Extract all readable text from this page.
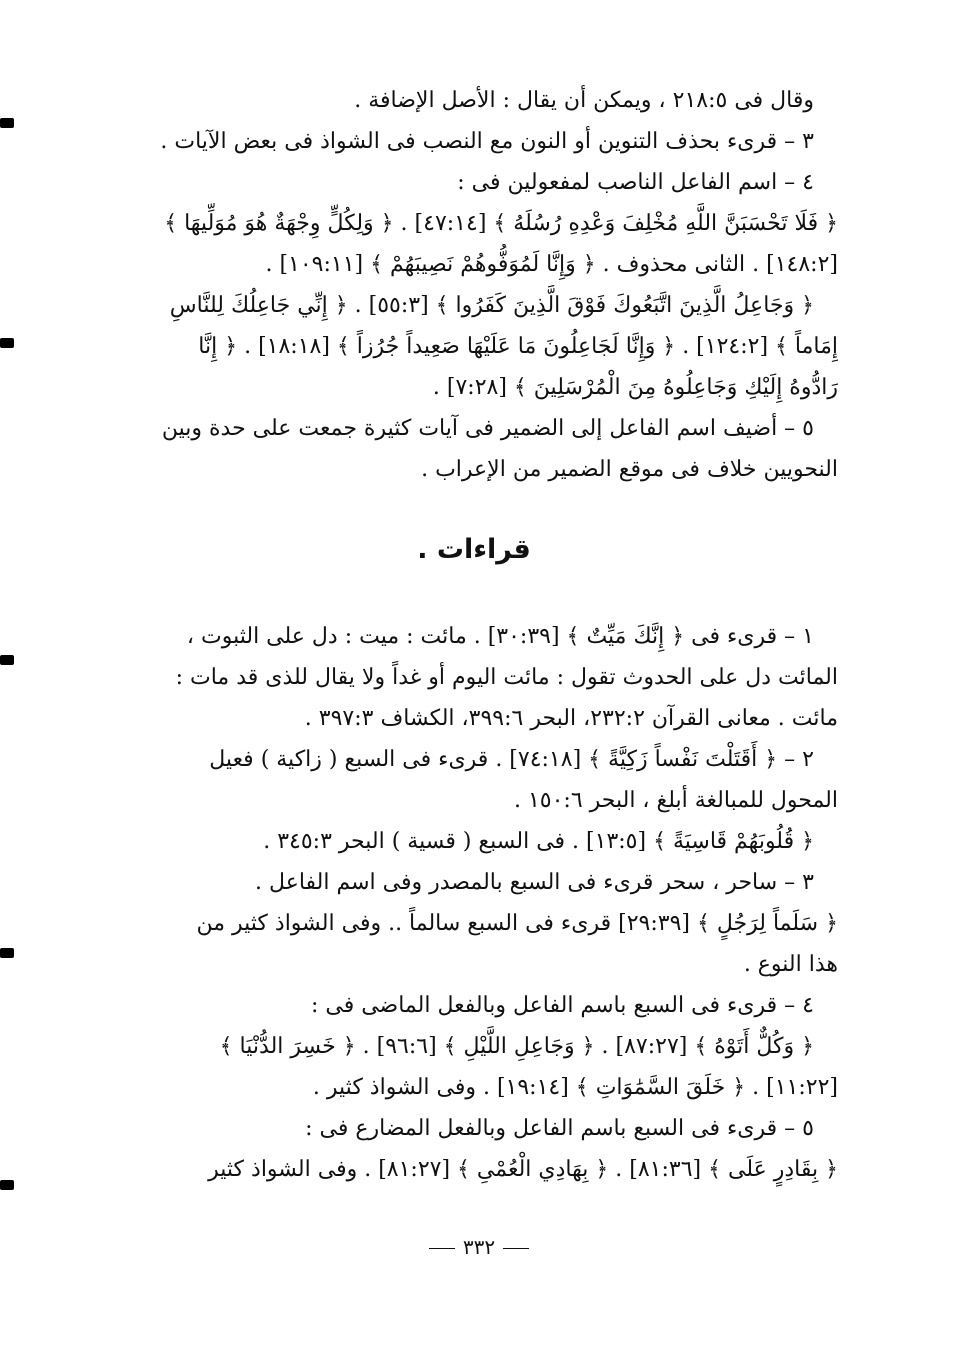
وقال فى ٢١٨:٥ ، ويمكن أن يقال : الأصل الإضافة .
٣ – قرىء بحذف التنوين أو النون مع النصب فى الشواذ فى بعض الآيات .
٤ – اسم الفاعل الناصب لمفعولين فى :
﴿ فَلَا تَحْسَبَنَّ اللَّهِ مُخْلِفَ وَعْدِهِ رُسُلَهُ ﴾ [٤٧:١٤] . ﴿ وَلِكُلٍّ وِجْهَةٌ هُوَ مُوَلِّيهَا ﴾
[١٤٨:٢] . الثانى محذوف . ﴿ وَإِنَّا لَمُوَفُّوهُمْ نَصِيبَهُمْ ﴾ [١٠٩:١١] .
﴿ وَجَاعِلُ الَّذِينَ اتَّبَعُوكَ فَوْقَ الَّذِينَ كَفَرُوا ﴾ [٥٥:٣] . ﴿ إِنِّي جَاعِلُكَ لِلنَّاسِ
إِمَاماً ﴾ [١٢٤:٢] . ﴿ وَإِنَّا لَجَاعِلُونَ مَا عَلَيْهَا صَعِيداً جُرُزاً ﴾ [١٨:١٨] . ﴿ إِنَّا
رَادُّوهُ إِلَيْكِ وَجَاعِلُوهُ مِنَ الْمُرْسَلِينَ ﴾ [٧:٢٨] .
٥ – أضيف اسم الفاعل إلى الضمير فى آيات كثيرة جمعت على حدة وبين
النحويين خلاف فى موقع الضمير من الإعراب .
قراءات .
١ – قرىء فى ﴿ إِنَّكَ مَيِّتٌ ﴾ [٣٠:٣٩] . مائت : ميت : دل على الثبوت ،
المائت دل على الحدوث تقول : مائت اليوم أو غداً ولا يقال للذى قد مات :
مائت . معانى القرآن ٢٣٢:٢، البحر ٣٩٩:٦، الكشاف ٣٩٧:٣ .
٢ – ﴿ أَقَتَلْتَ نَفْساً زَكِيَّةً ﴾ [٧٤:١٨] . قرىء فى السبع ( زاكية ) فعيل
المحول للمبالغة أبلغ ، البحر ١٥٠:٦ .
﴿ قُلُوبَهُمْ قَاسِيَةً ﴾ [١٣:٥] . فى السبع ( قسية ) البحر ٣٤٥:٣ .
٣ – ساحر ، سحر قرىء فى السبع بالمصدر وفى اسم الفاعل .
﴿ سَلَماً لِرَجُلٍ ﴾ [٢٩:٣٩] قرىء فى السبع سالماً .. وفى الشواذ كثير من
هذا النوع .
٤ – قرىء فى السبع باسم الفاعل وبالفعل الماضى فى :
﴿ وَكُلٌّ أَتَوْهُ ﴾ [٨٧:٢٧] . ﴿ وَجَاعِلِ اللَّيْلِ ﴾ [٩٦:٦] . ﴿ خَسِرَ الدُّنْيَا ﴾
[١١:٢٢] . ﴿ خَلَقَ السَّمَٰوَاتِ ﴾ [١٩:١٤] . وفى الشواذ كثير .
٥ – قرىء فى السبع باسم الفاعل وبالفعل المضارع فى :
﴿ بِقَادِرٍ عَلَى ﴾ [٨١:٣٦] . ﴿ بِهَادِي الْعُمْىِ ﴾ [٨١:٢٧] . وفى الشواذ كثير
٣٣٢
